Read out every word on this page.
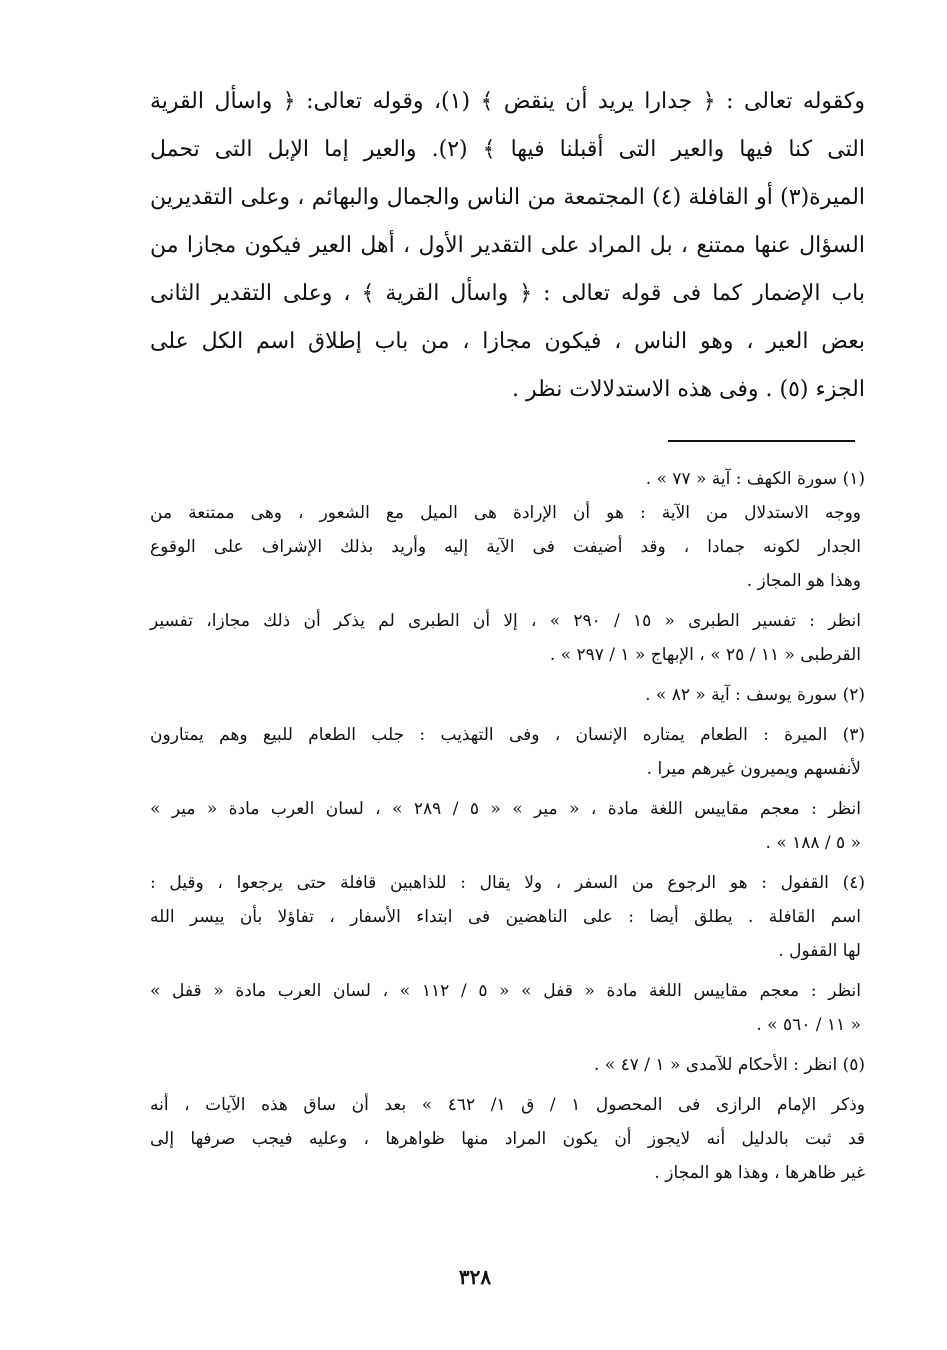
وكقوله تعالى : ﴿ جدارا يريد أن ينقض ﴾ (١)، وقوله تعالى: ﴿ واسأل القرية
التى كنا فيها والعير التى أقبلنا فيها ﴾ (٢). والعير إما الإبل التى تحمل
الميرة(٣) أو القافلة (٤) المجتمعة من الناس والجمال والبهائم ، وعلى التقديرين
السؤال عنها ممتنع ، بل المراد على التقدير الأول ، أهل العير فيكون مجازا من
باب الإضمار كما فى قوله تعالى : ﴿ واسأل القرية ﴾ ، وعلى التقدير الثانى
بعض العير ، وهو الناس ، فيكون مجازا ، من باب إطلاق اسم الكل على
الجزء (٥) . وفى هذه الاستدلالات نظر .
(١) سورة الكهف : آية « ٧٧ » .
ووجه الاستدلال من الآية : هو أن الإرادة هى الميل مع الشعور ، وهى ممتنعة من
الجدار لكونه جمادا ، وقد أضيفت فى الآية إليه وأريد بذلك الإشراف على الوقوع
وهذا هو المجاز .
انظر : تفسير الطبرى « ١٥ / ٢٩٠ » ، إلا أن الطبرى لم يذكر أن ذلك مجازا، تفسير
القرطبى « ١١ / ٢٥ » ، الإبهاج « ١ / ٢٩٧ » .
(٢) سورة يوسف : آية « ٨٢ » .
(٣) الميرة : الطعام يمتاره الإنسان ، وفى التهذيب : جلب الطعام للبيع وهم يمتارون
لأنفسهم ويميرون غيرهم ميرا .
انظر : معجم مقاييس اللغة مادة ، « مير » « ٥ / ٢٨٩ » ، لسان العرب مادة « مير »
« ٥ / ١٨٨ » .
(٤) القفول : هو الرجوع من السفر ، ولا يقال : للذاهبين قافلة حتى يرجعوا ، وقيل :
اسم القافلة . يطلق أيضا : على الناهضين فى ابتداء الأسفار ، تفاؤلا بأن ييسر الله
لها القفول .
انظر : معجم مقاييس اللغة مادة « قفل » « ٥ / ١١٢ » ، لسان العرب مادة « قفل »
« ١١ / ٥٦٠ » .
(٥) انظر : الأحكام للآمدى « ١ / ٤٧ » .
وذكر الإمام الرازى فى المحصول ١ / ق ١/ ٤٦٢ » بعد أن ساق هذه الآيات ، أنه
قد ثبت بالدليل أنه لايجوز أن يكون المراد منها ظواهرها ، وعليه فيجب صرفها إلى
غير ظاهرها ، وهذا هو المجاز .
٣٢٨
